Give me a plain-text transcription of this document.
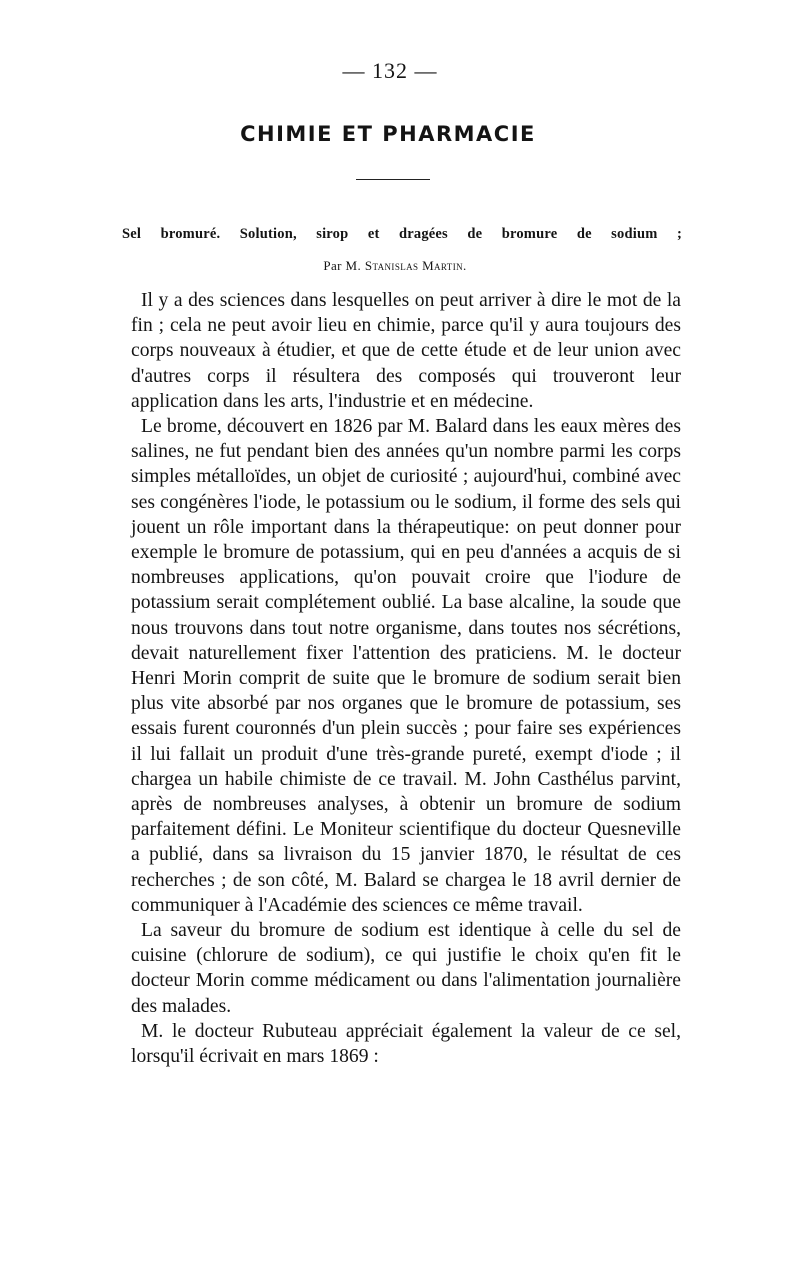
— 132 —
CHIMIE ET PHARMACIE
Sel bromuré. Solution, sirop et dragées de bromure de sodium ;
Par M. Stanislas Martin.

Il y a des sciences dans lesquelles on peut arriver à dire le mot de la fin ; cela ne peut avoir lieu en chimie, parce qu'il y aura toujours des corps nouveaux à étudier, et que de cette étude et de leur union avec d'autres corps il résultera des composés qui trouveront leur application dans les arts, l'industrie et en médecine.

Le brome, découvert en 1826 par M. Balard dans les eaux mères des salines, ne fut pendant bien des années qu'un nombre parmi les corps simples métalloïdes, un objet de curiosité ; aujourd'hui, combiné avec ses congénères l'iode, le potassium ou le sodium, il forme des sels qui jouent un rôle important dans la thérapeutique: on peut donner pour exemple le bromure de potassium, qui en peu d'années a acquis de si nombreuses applications, qu'on pouvait croire que l'iodure de potassium serait complétement oublié. La base alcaline, la soude que nous trouvons dans tout notre organisme, dans toutes nos sécrétions, devait naturellement fixer l'attention des praticiens. M. le docteur Henri Morin comprit de suite que le bromure de sodium serait bien plus vite absorbé par nos organes que le bromure de potassium, ses essais furent couronnés d'un plein succès ; pour faire ses expériences il lui fallait un produit d'une très-grande pureté, exempt d'iode ; il chargea un habile chimiste de ce travail. M. John Casthélus parvint, après de nombreuses analyses, à obtenir un bromure de sodium parfaitement défini. Le Moniteur scientifique du docteur Quesneville a publié, dans sa livraison du 15 janvier 1870, le résultat de ces recherches ; de son côté, M. Balard se chargea le 18 avril dernier de communiquer à l'Académie des sciences ce même travail.

La saveur du bromure de sodium est identique à celle du sel de cuisine (chlorure de sodium), ce qui justifie le choix qu'en fit le docteur Morin comme médicament ou dans l'alimentation journalière des malades.

M. le docteur Rubuteau appréciait également la valeur de ce sel, lorsqu'il écrivait en mars 1869 :
